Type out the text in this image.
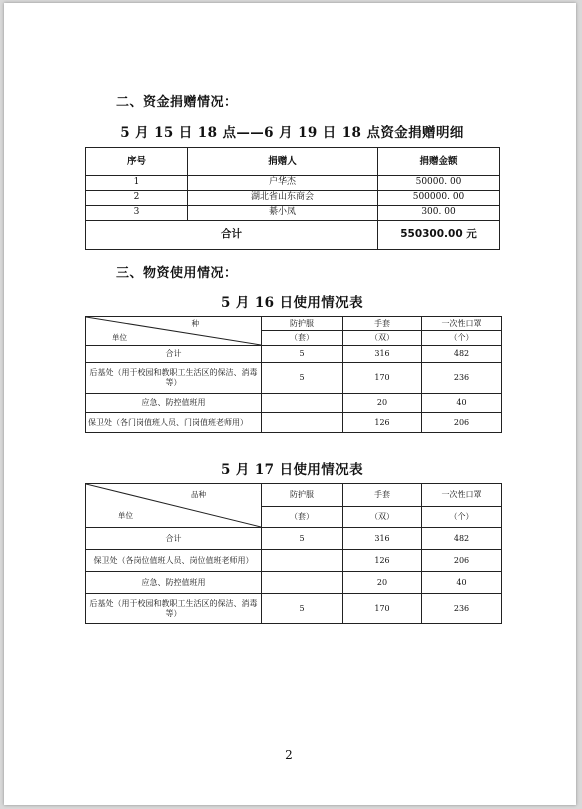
二、资金捐赠情况：
5 月 15 日 18 点——6 月 19 日 18 点资金捐赠明细
序号	捐赠人	捐赠金额
1	户华杰	50000. 00
2	湖北省山东商会	500000. 00
3	綦小凤	300. 00
合计		550300.00 元
三、物资使用情况：
5 月 16 日使用情况表
种
单位	防护服	手套	一次性口罩
	（套）	（双）	（个）
合计	5	316	482
后基处（用于校园和教职工生活区的保洁、消毒等）	5	170	236
应急、防控值班用		20	40
保卫处（各门岗值班人员、门岗值班老师用）		126	206
5 月 17 日使用情况表
品种
单位	防护服	手套	一次性口罩
	（套）	（双）	（个）
合计	5	316	482
保卫处（各岗位值班人员、岗位值班老师用）		126	206
应急、防控值班用		20	40
后基处（用于校园和教职工生活区的保洁、消毒等）	5	170	236
2
